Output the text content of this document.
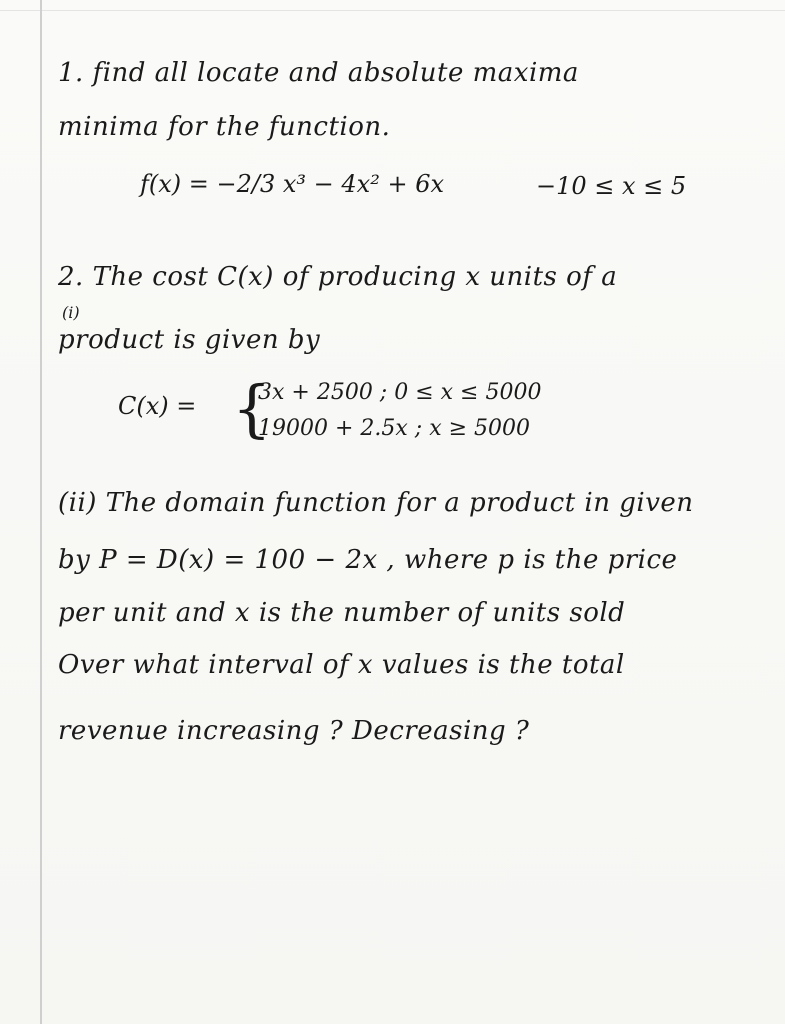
1. find all locate and absolute maxima
minima for the function.
f(x) = −2/3 x³ − 4x² + 6x	−10 ≤ x ≤ 5
2. The cost C(x) of producing x units of a
(i)
product is given by
C(x) = {
3x + 2500 ; 0 ≤ x ≤ 5000
19000 + 2.5x ; x ≥ 5000
(ii) The domain function for a product in given
by P = D(x) = 100 − 2x , where p is the price
per unit and x is the number of units sold
Over what interval of x values is the total
revenue increasing ? Decreasing ?
